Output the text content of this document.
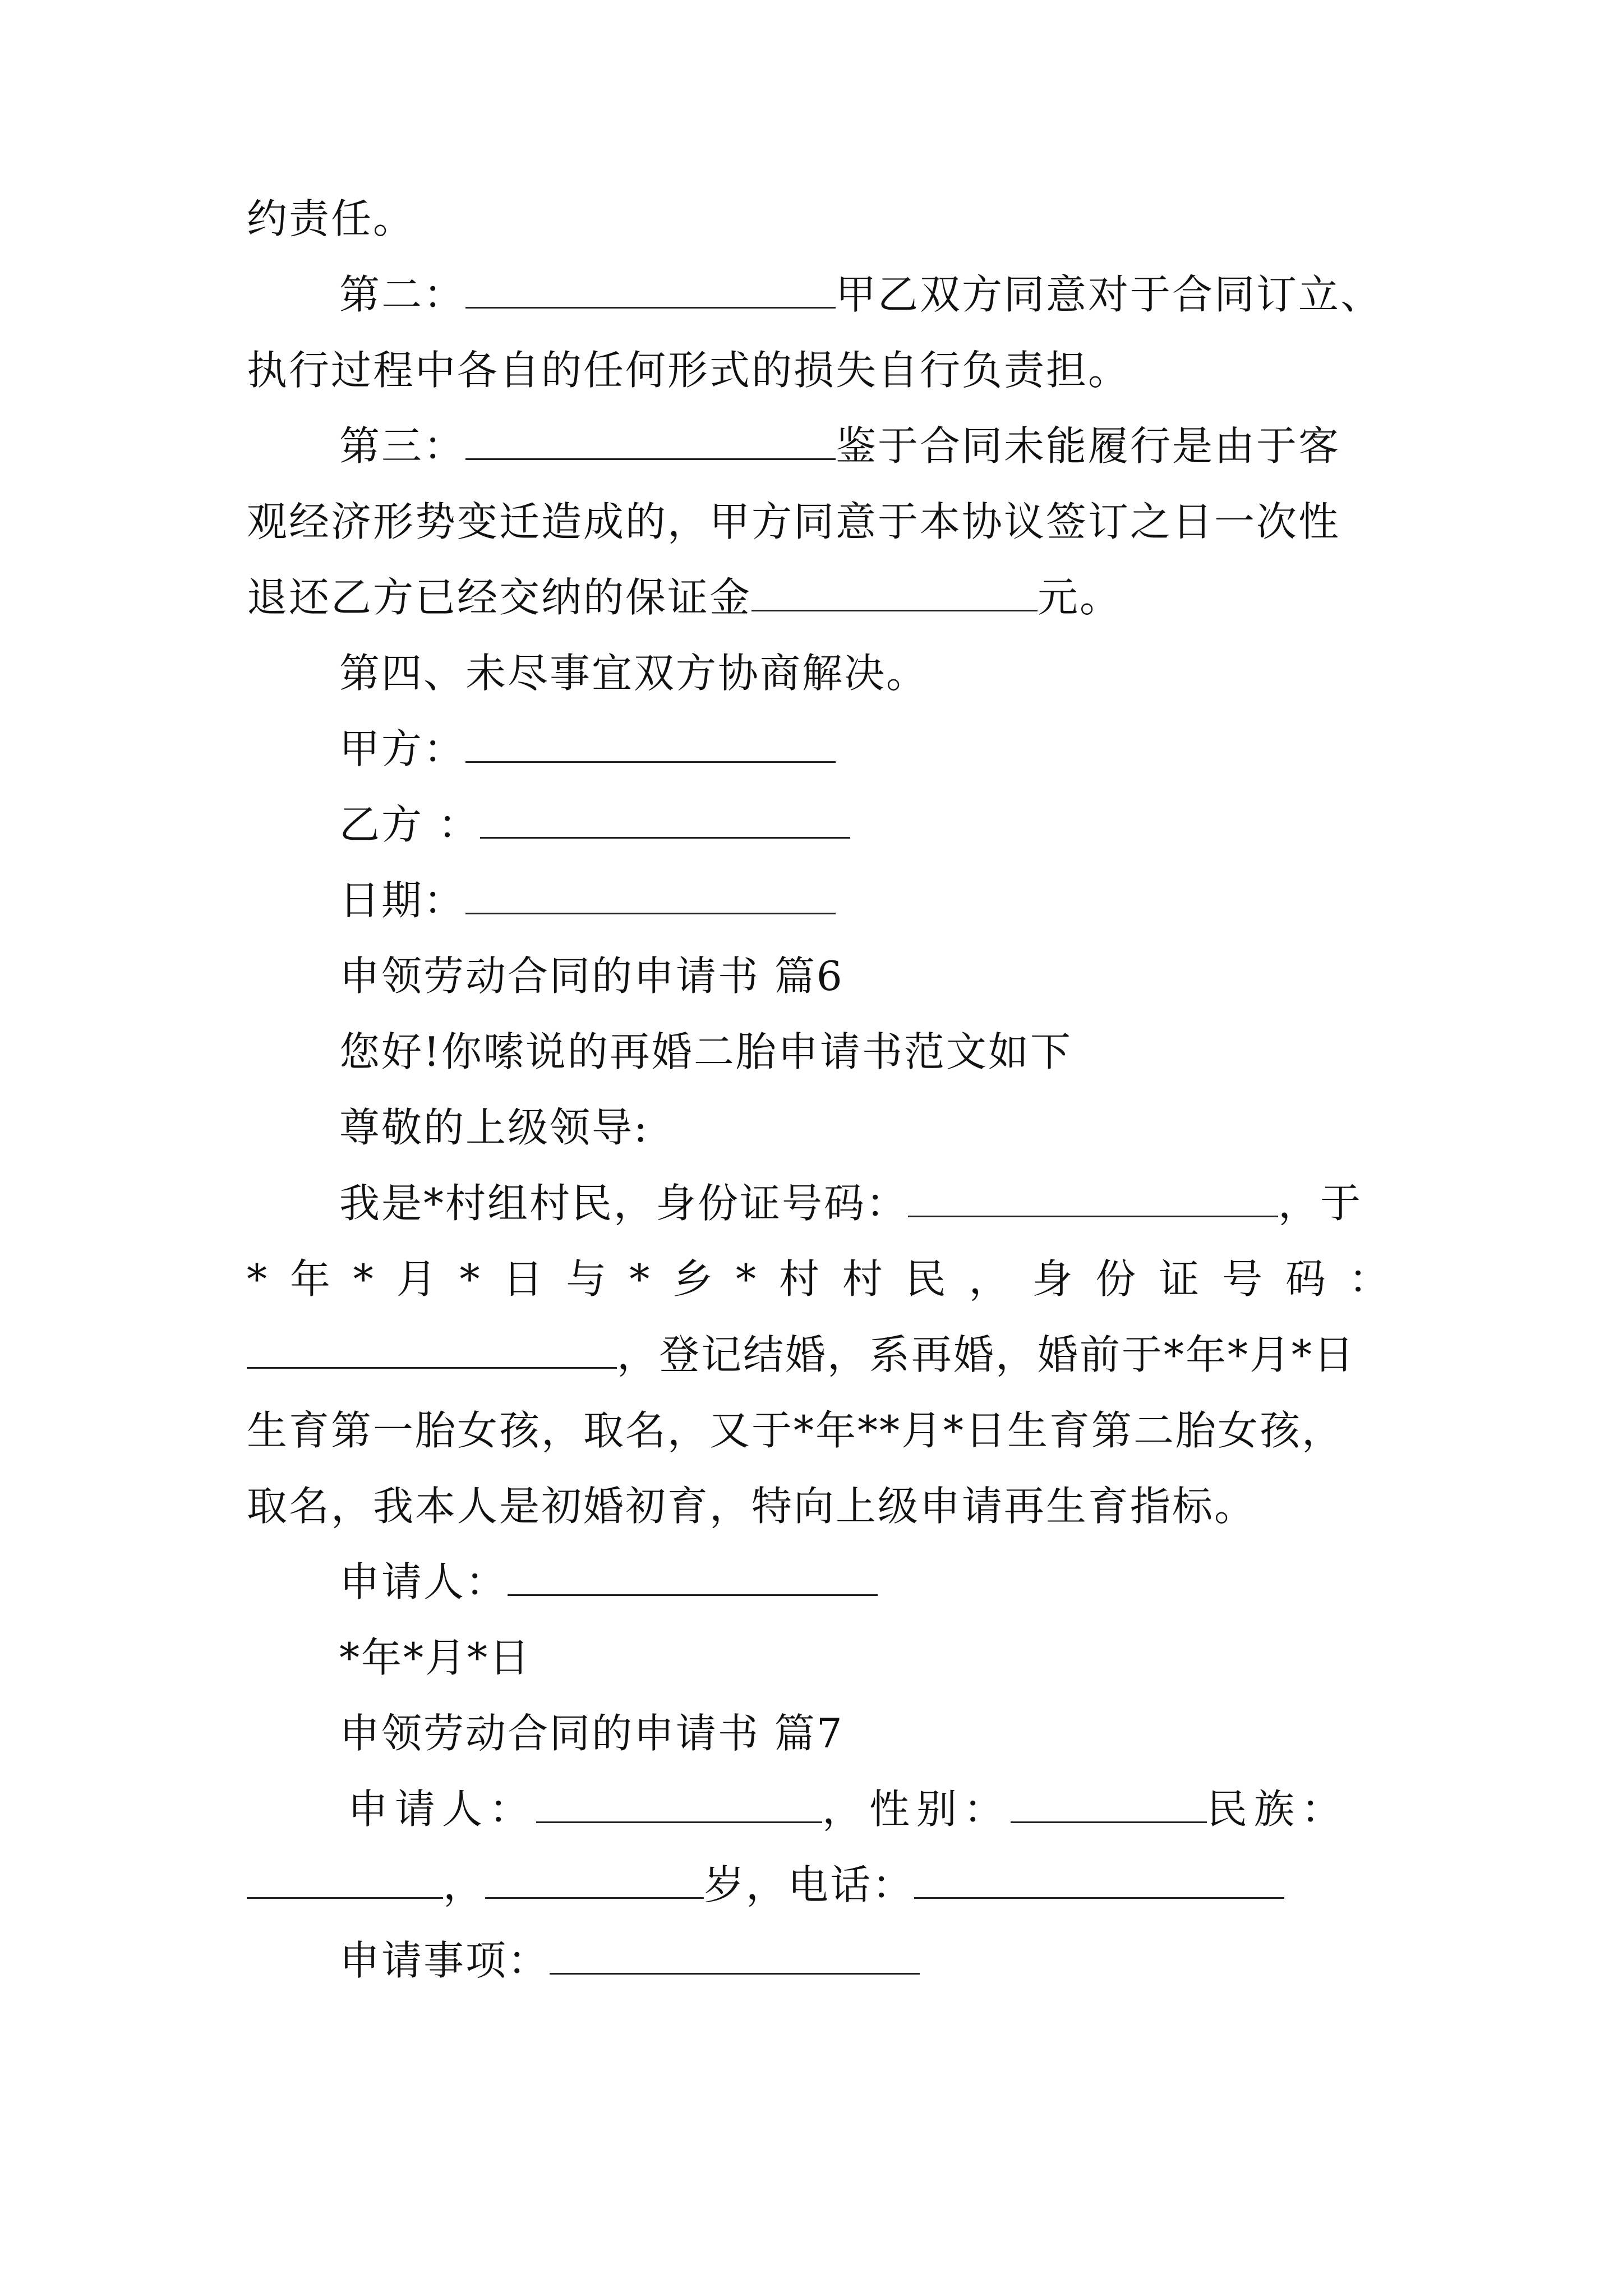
约责任。
第二：	甲乙双方同意对于合同订立、
执行过程中各自的任何形式的损失自行负责担。
第三：	鉴于合同未能履行是由于客
观经济形势变迁造成的，甲方同意于本协议签订之日一次性
退还乙方已经交纳的保证金	元。
第四、未尽事宜双方协商解决。
甲方：
乙方 ：
日期：
申领劳动合同的申请书 篇6
您好!你嗦说的再婚二胎申请书范文如下
尊敬的上级领导:
我是*村组村民，身份证号码：	，于
* 年 * 月 * 日 与 * 乡 * 村 村 民 ， 身 份 证 号 码 ：
，登记结婚，系再婚，婚前于*年*月*日
生育第一胎女孩，取名，又于*年**月*日生育第二胎女孩，
取名，我本人是初婚初育，特向上级申请再生育指标。
申请人：
*年*月*日
申领劳动合同的申请书 篇7
申请人：	，性别：	民族：
，	岁，电话：
申请事项：
